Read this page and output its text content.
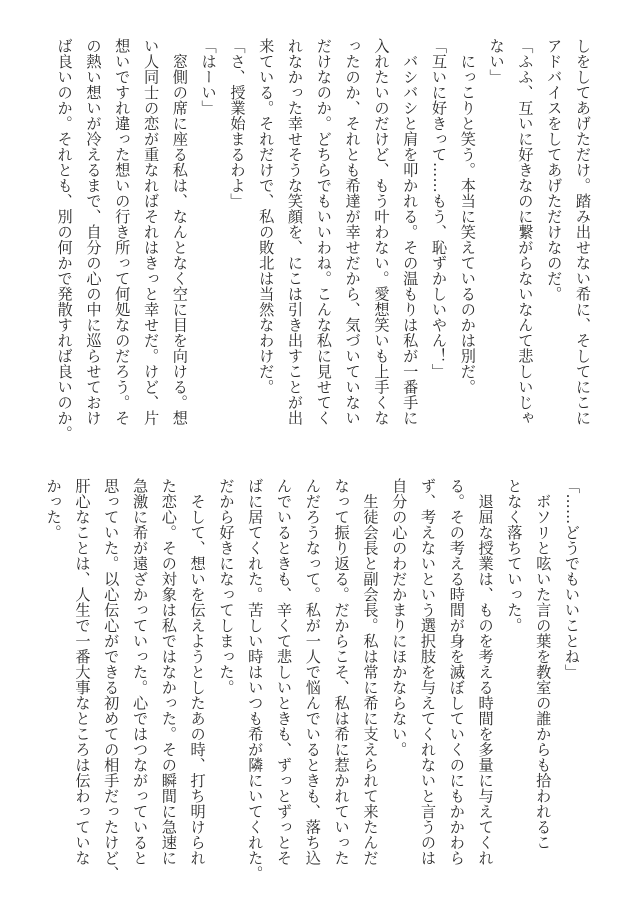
しをしてあげただけ。踏み出せない希に、そしてにこに
アドバイスをしてあげただけなのだ。
「ふふ、互いに好きなのに繋がらないなんて悲しいじゃ
ない」
　にっこりと笑う。本当に笑えているのかは別だ。
「互いに好きって……もう、恥ずかしいやん！」
　バシバシと肩を叩かれる。その温もりは私が一番手に
入れたいのだけど、もう叶わない。愛想笑いも上手くな
ったのか、それとも希達が幸せだから、気づいていない
だけなのか。どちらでもいいわね。こんな私に見せてく
れなかった幸せそうな笑顔を、にこは引き出すことが出
来ている。それだけで、私の敗北は当然なわけだ。
「さ、授業始まるわよ」
「はーい」
　窓側の席に座る私は、なんとなく空に目を向ける。想
い人同士の恋が重なればそれはきっと幸せだ。けど、片
想いですれ違った想いの行き所って何処なのだろう。そ
の熱い想いが冷えるまで、自分の心の中に巡らせておけ
ば良いのか。それとも、別の何かで発散すれば良いのか。
「……どうでもいいことね」
　ボソリと呟いた言の葉を教室の誰からも拾われるこ
となく落ちていった。
　退屈な授業は、ものを考える時間を多量に与えてくれ
る。その考える時間が身を滅ぼしていくのにもかかわら
ず、考えないという選択肢を与えてくれないと言うのは
自分の心のわだかまりにほかならない。
　生徒会長と副会長。私は常に希に支えられて来たんだ
なって振り返る。だからこそ、私は希に惹かれていった
んだろうなって。私が一人で悩んでいるときも、落ち込
んでいるときも、辛くて悲しいときも、ずっとずっとそ
ばに居てくれた。苦しい時はいつも希が隣にいてくれた。
だから好きになってしまった。
　そして、想いを伝えようとしたあの時、打ち明けられ
た恋心。その対象は私ではなかった。その瞬間に急速に
急激に希が遠ざかっていった。心ではつながっていると
思っていた。以心伝心ができる初めての相手だったけど、
肝心なことは、人生で一番大事なところは伝わっていな
かった。
